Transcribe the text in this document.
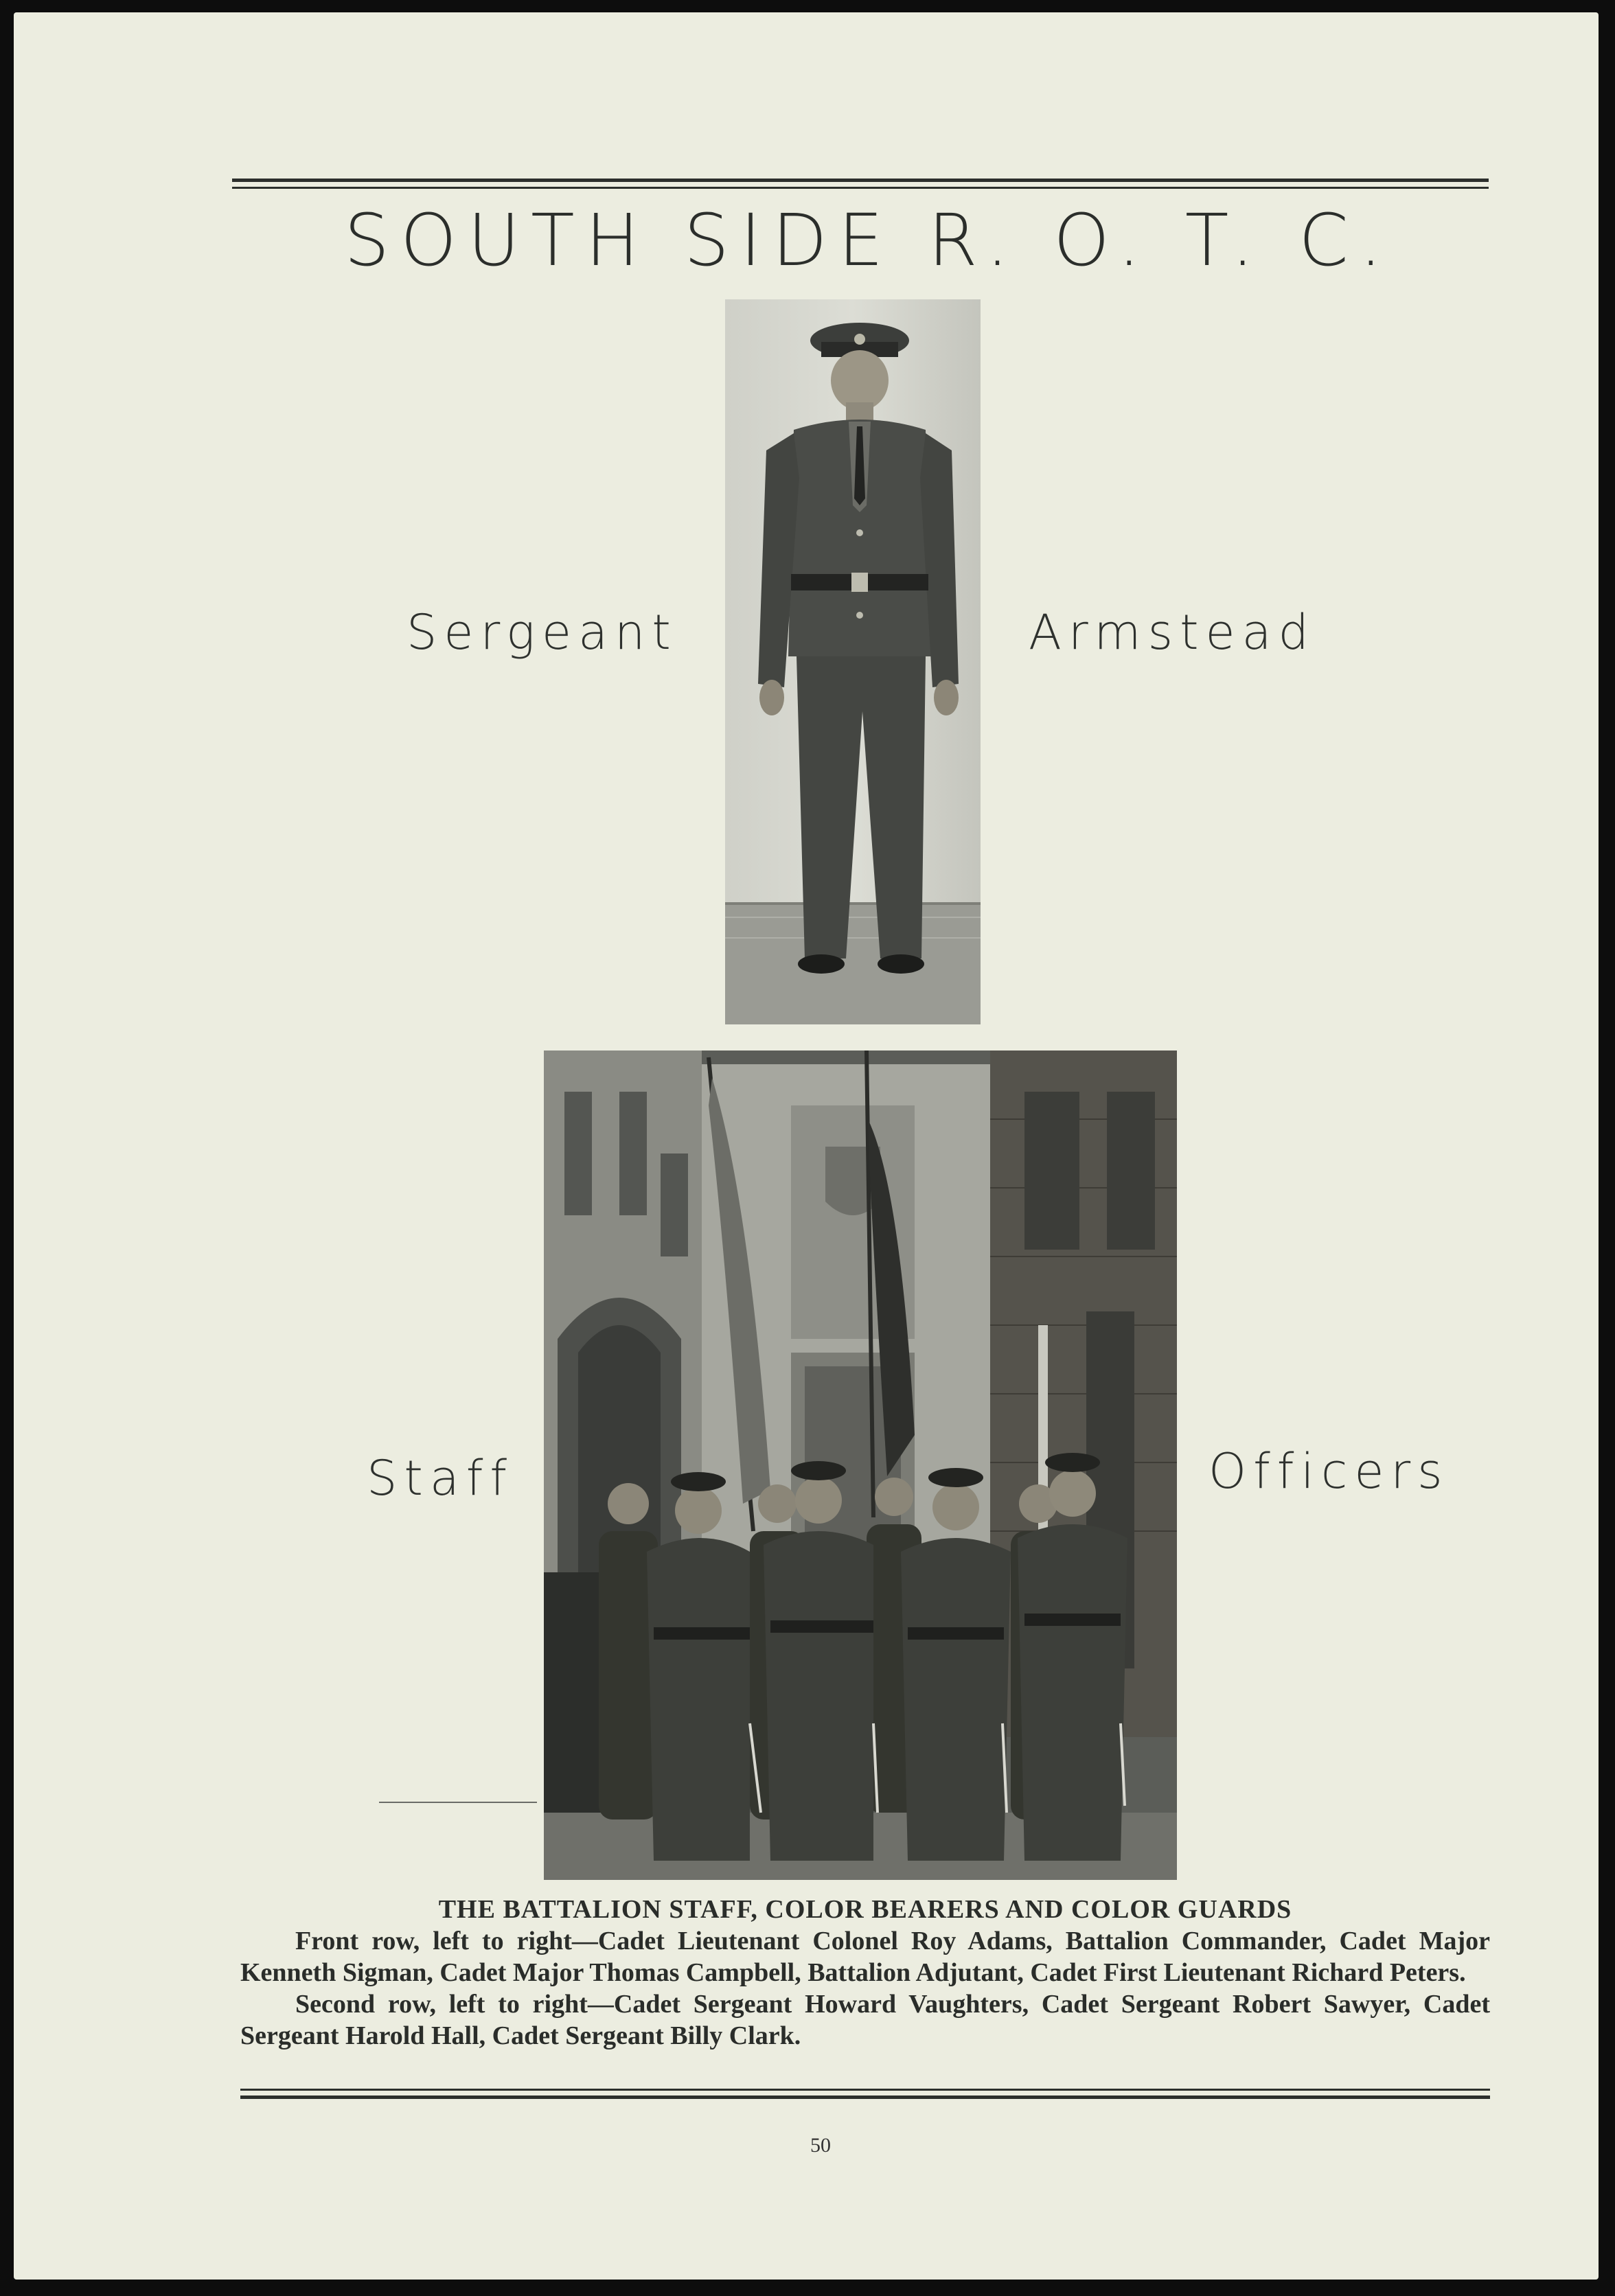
SOUTH SIDE R. O. T. C.
Sergeant	Armstead
Staff	Officers
THE BATTALION STAFF, COLOR BEARERS AND COLOR GUARDS

Front row, left to right—Cadet Lieutenant Colonel Roy Adams, Battalion Commander, Cadet Major Kenneth Sigman, Cadet Major Thomas Campbell, Battalion Adjutant, Cadet First Lieutenant Richard Peters.

Second row, left to right—Cadet Sergeant Howard Vaughters, Cadet Sergeant Robert Sawyer, Cadet Sergeant Harold Hall, Cadet Sergeant Billy Clark.

50
